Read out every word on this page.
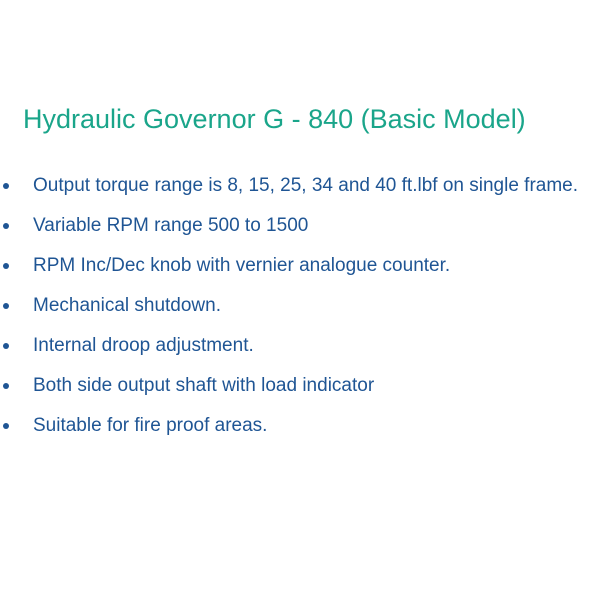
Hydraulic Governor G - 840 (Basic Model)
Output torque range is 8, 15, 25, 34 and 40 ft.lbf on single frame.
Variable RPM range 500 to 1500
RPM Inc/Dec knob with vernier analogue counter.
Mechanical shutdown.
Internal droop adjustment.
Both side output shaft with load indicator
Suitable for fire proof areas.
